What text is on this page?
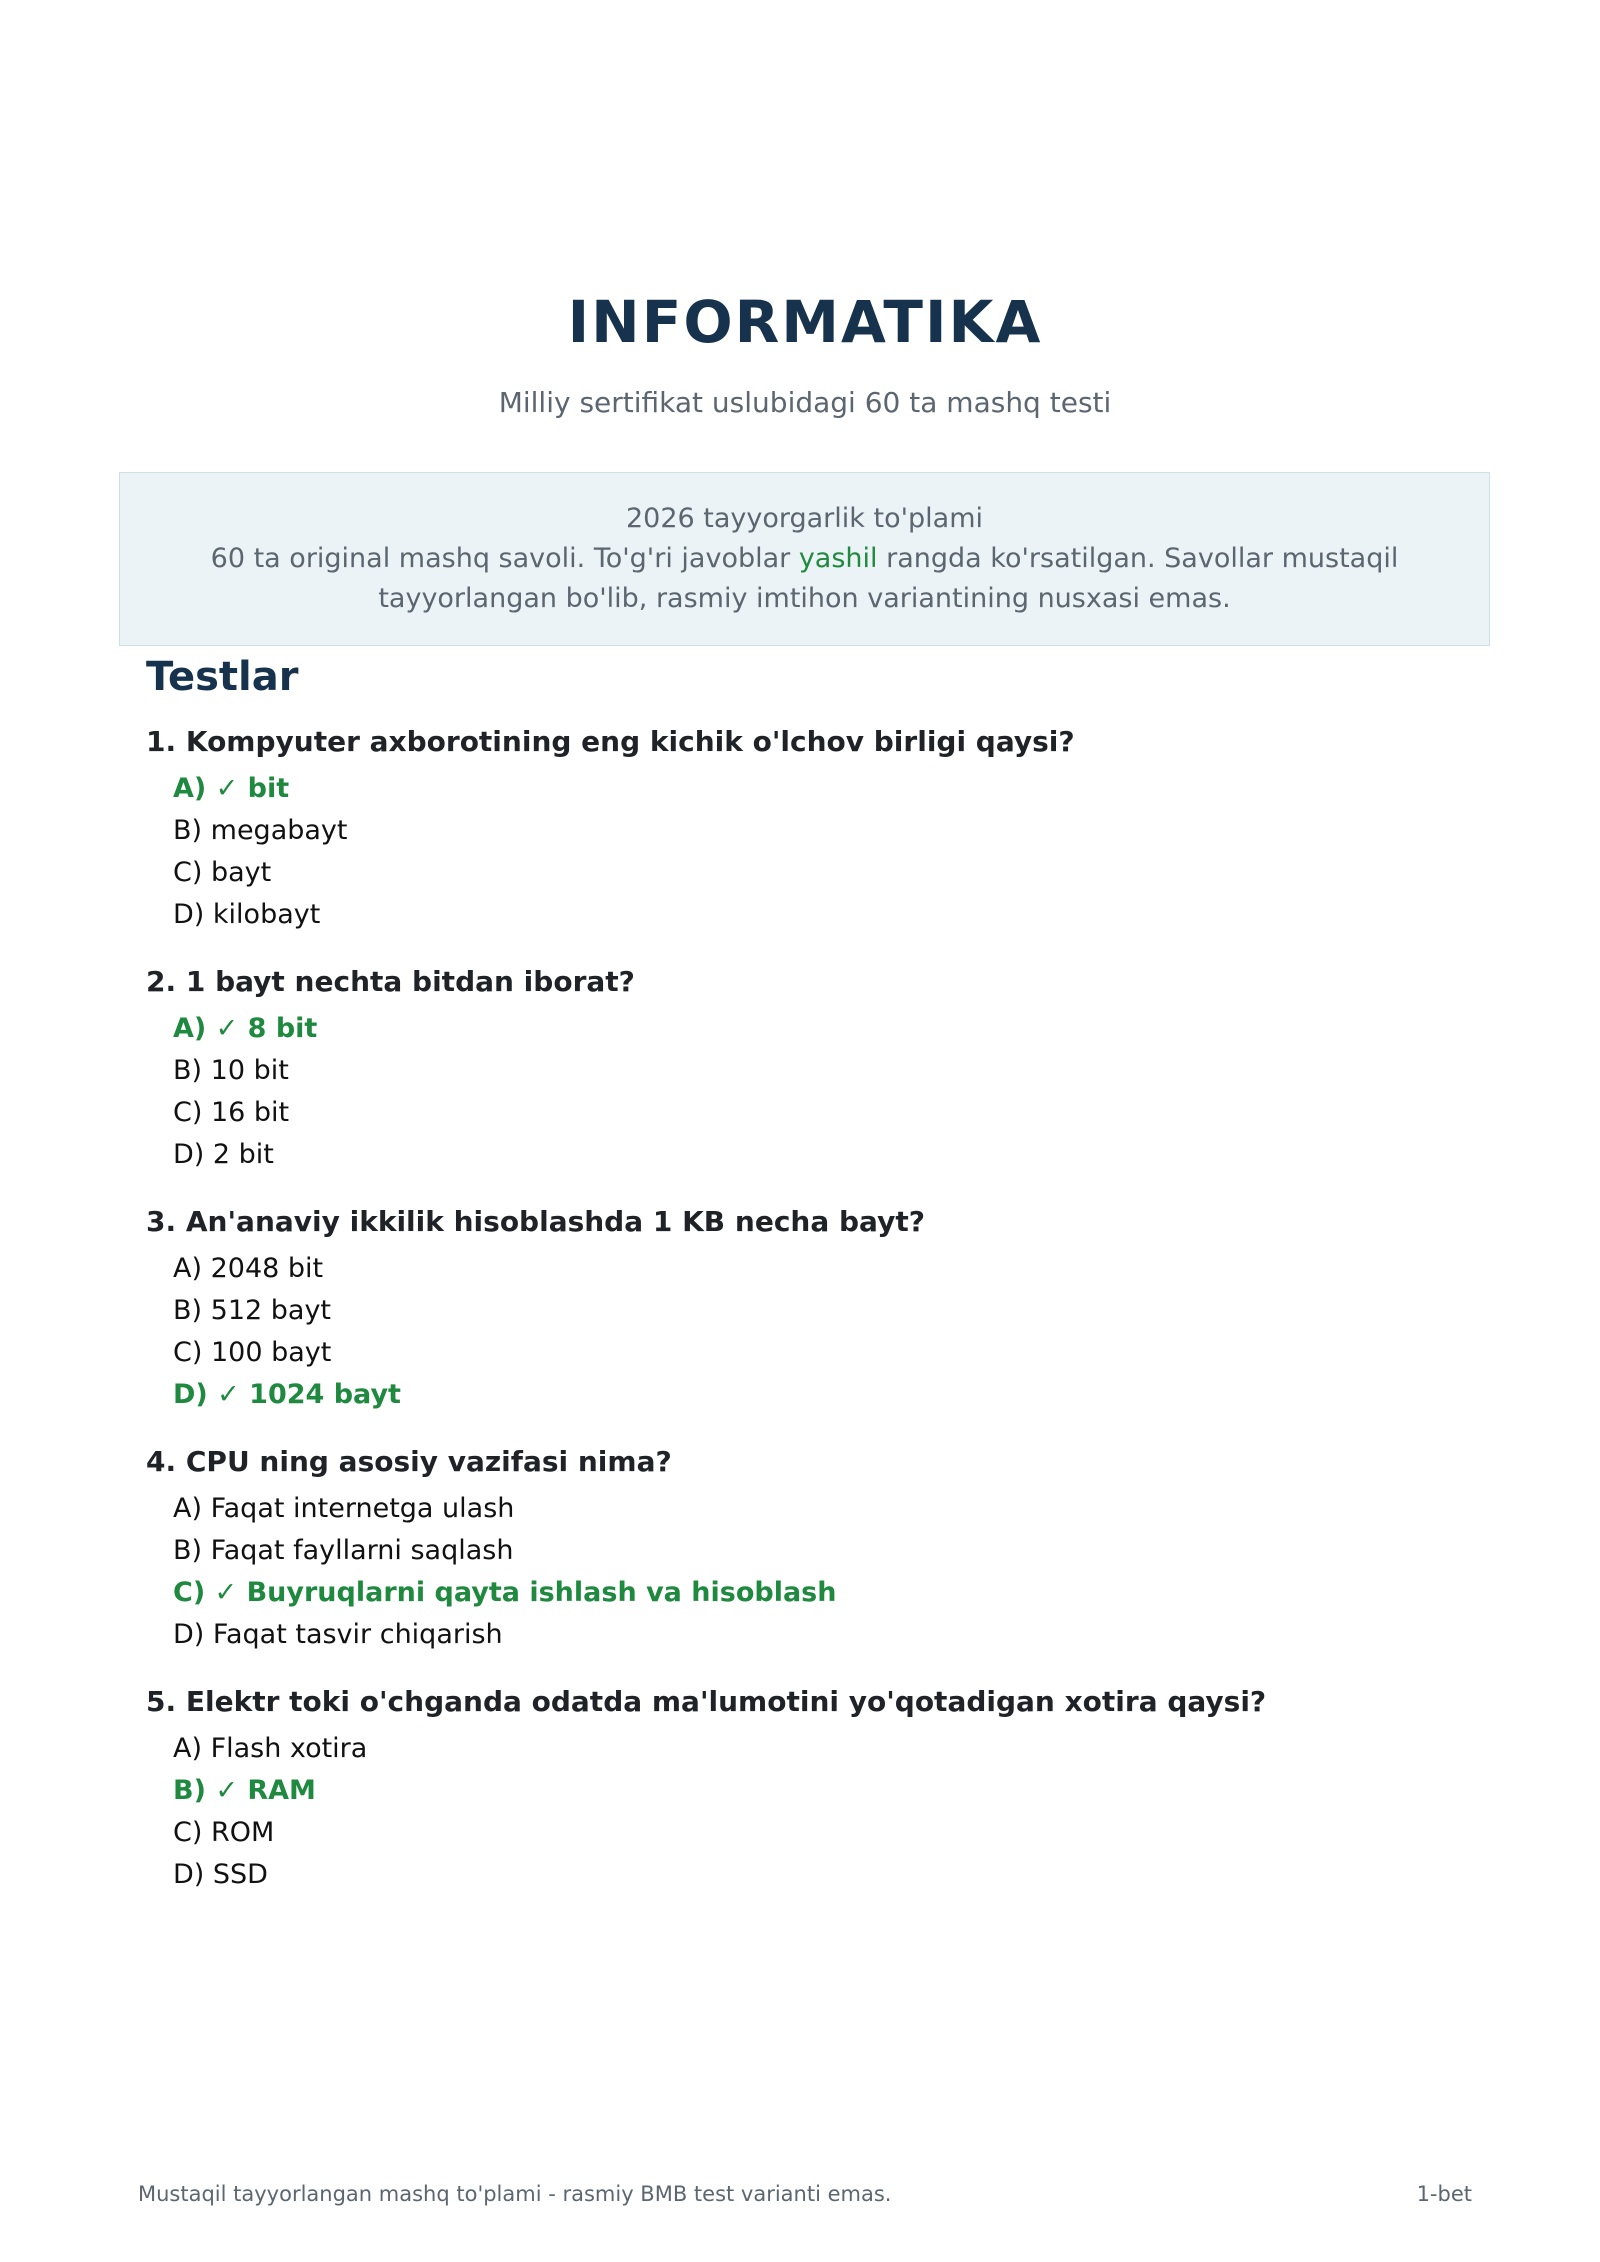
INFORMATIKA

Milliy sertifikat uslubidagi 60 ta mashq testi

2026 tayyorgarlik to'plami
60 ta original mashq savoli. To'g'ri javoblar yashil rangda ko'rsatilgan. Savollar mustaqil
tayyorlangan bo'lib, rasmiy imtihon variantining nusxasi emas.
Testlar
1. Kompyuter axborotining eng kichik o'lchov birligi qaysi?
A) ✓ bit
B) megabayt
C) bayt
D) kilobayt
2. 1 bayt nechta bitdan iborat?
A) ✓ 8 bit
B) 10 bit
C) 16 bit
D) 2 bit
3. An'anaviy ikkilik hisoblashda 1 KB necha bayt?
A) 2048 bit
B) 512 bayt
C) 100 bayt
D) ✓ 1024 bayt
4. CPU ning asosiy vazifasi nima?
A) Faqat internetga ulash
B) Faqat fayllarni saqlash
C) ✓ Buyruqlarni qayta ishlash va hisoblash
D) Faqat tasvir chiqarish
5. Elektr toki o'chganda odatda ma'lumotini yo'qotadigan xotira qaysi?
A) Flash xotira
B) ✓ RAM
C) ROM
D) SSD
Mustaqil tayyorlangan mashq to'plami - rasmiy BMB test varianti emas.	1-bet
